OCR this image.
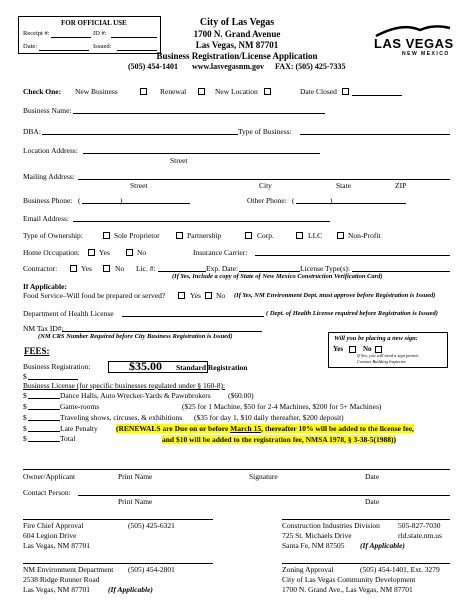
FOR OFFICIAL USE
Receipt #:	ID #:
Date:	Issued:
City of Las Vegas
1700 N. Grand Avenue
Las Vegas, NM 87701
Business Registration/License Application
(505) 454-1401 www.lasvegasnm.gov FAX: (505) 425-7335
LAS VEGAS
NEW MEXICO
Check One: New Business	Renewal	New Location	Date Closed
Business Name:
DBA:	Type of Business:
Location Address:
Street
Mailing Address:
Street	City	State	ZIP
Business Phone: (	)	Other Phone: (	)
Email Address:
Type of Ownership:	Sole Proprietor	Partnership	Corp.	LLC	Non-Profit
Home Occupation:	Yes	No	Insurance Carrier:
Contractor:	Yes	No Lic. #:	Exp. Date:	License Type(s):
(If Yes, Include a copy of State of New Mexico Construction Verification Card)
If Applicable:
Food Service–Will food be prepared or served?	Yes No (If Yes, NM Environment Dept. must approve before Registration is Issued)
Department of Health License	( Dept. of Health License required before Registration is Issued)
NM Tax ID#:
(NM CRS Number Required before City Business Registration is Issued)	Will you be placing a new sign:
Yes	No
If Yes, you will need a sign permit.
Contact Building Inspector.
FEES:
Business Registration:	$35.00 Standard Registration
$
Business License (for specific businesses regulated under § 160-8):
$	Dance Halls, Auto Wrecker-Yards & Pawnbrokers ($60.00)
$	Game-rooms	($25 for 1 Machine, $50 for 2-4 Machines, $200 for 5+ Machines)
$	Traveling shows, circuses, & exhibitions ($35 for day 1, $10 daily thereafter, $200 deposit)
$	Late Penalty
$	Total
(RENEWALS are Due on or before March 15, thereafter 10% will be added to the license fee,
and $10 will be added to the registration fee, NMSA 1978, § 3-38-5(1988))
Owner/Applicant	Print Name	Signature	Date
Contact Person:
Print Name	Date
Fire Chief Approval	(505) 425-6321
604 Legion Drive
Las Vegas, NM 87701
Construction Industries Division 505-827-7030
725 St. Michaels Drive	rld.state.nm.us
Santa Fe, NM 87505 (If Applicable)
NM Environment Department (505) 454-2801
2538 Ridge Runner Road
Las Vegas, NM 87701 (If Applicable)
Zoning Approval	(505) 454-1401, Ext. 3279
City of Las Vegas Community Development
1700 N. Grand Ave., Las Vegas, NM 87701
